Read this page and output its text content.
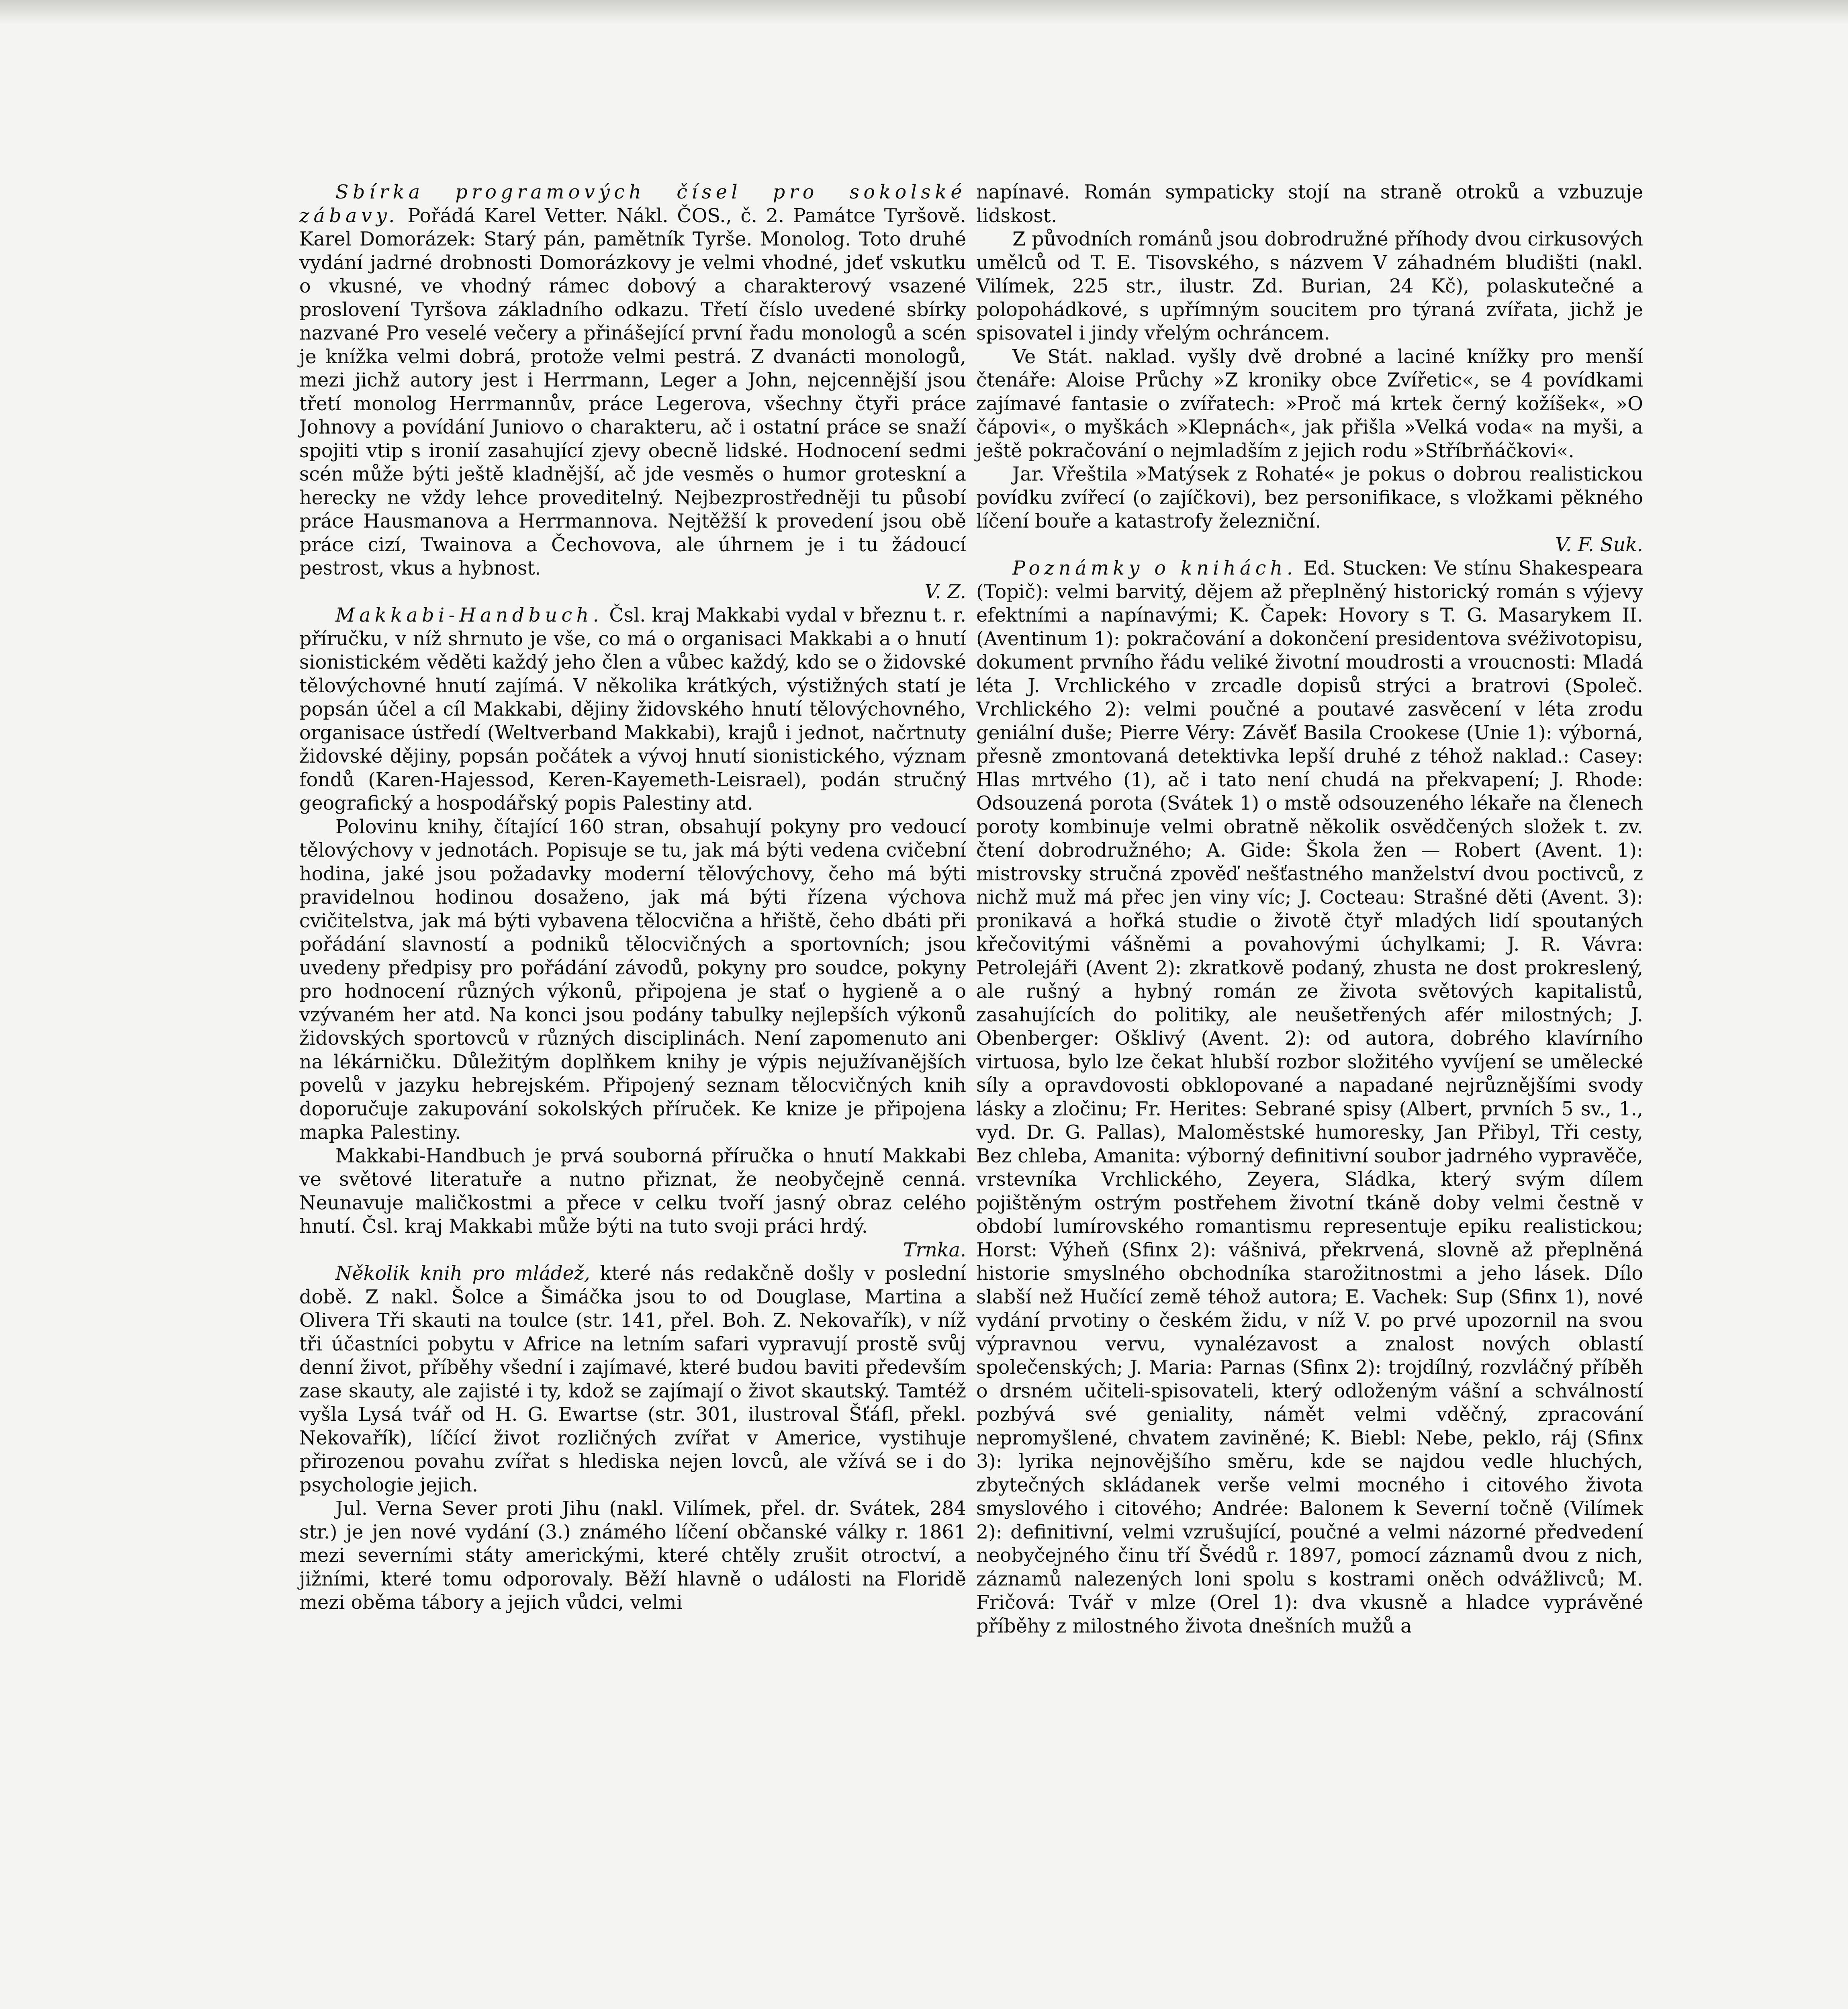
Sbírka programových čísel pro sokolské zábavy. Pořádá Karel Vetter. Nákl. ČOS., č. 2. Památce Tyršově. Karel Domorázek: Starý pán, pamětník Tyrše. Monolog. Toto druhé vydání jadrné drobnosti Domorázkovy je velmi vhodné, jdeť vskutku o vkusné, ve vhodný rámec dobový a charakterový vsazené proslovení Tyršova základního odkazu. Třetí číslo uvedené sbírky nazvané Pro veselé večery a přinášející první řadu monologů a scén je knížka velmi dobrá, protože velmi pestrá. Z dvanácti monologů, mezi jichž autory jest i Herrmann, Leger a John, nejcennější jsou třetí monolog Herrmannův, práce Legerova, všechny čtyři práce Johnovy a povídání Juniovo o charakteru, ač i ostatní práce se snaží spojiti vtip s ironií zasahující zjevy obecně lidské. Hodnocení sedmi scén může býti ještě kladnější, ač jde vesměs o humor groteskní a herecky ne vždy lehce proveditelný. Nejbezprostředněji tu působí práce Hausmanova a Herrmannova. Nejtěžší k provedení jsou obě práce cizí, Twainova a Čechovova, ale úhrnem je i tu žádoucí pestrost, vkus a hybnost.

V. Z.

Makkabi-Handbuch. Čsl. kraj Makkabi vydal v březnu t. r. příručku, v níž shrnuto je vše, co má o organisaci Makkabi a o hnutí sionistickém věděti každý jeho člen a vůbec každý, kdo se o židovské tělovýchovné hnutí zajímá. V několika krátkých, výstižných statí je popsán účel a cíl Makkabi, dějiny židovského hnutí tělovýchovného, organisace ústředí (Weltverband Makkabi), krajů i jednot, načrtnuty židovské dějiny, popsán počátek a vývoj hnutí sionistického, význam fondů (Karen-Hajessod, Keren-Kayemeth-Leisrael), podán stručný geografický a hospodářský popis Palestiny atd.

Polovinu knihy, čítající 160 stran, obsahují pokyny pro vedoucí tělovýchovy v jednotách. Popisuje se tu, jak má býti vedena cvičební hodina, jaké jsou požadavky moderní tělovýchovy, čeho má býti pravidelnou hodinou dosaženo, jak má býti řízena výchova cvičitelstva, jak má býti vybavena tělocvična a hřiště, čeho dbáti při pořádání slavností a podniků tělocvičných a sportovních; jsou uvedeny předpisy pro pořádání závodů, pokyny pro soudce, pokyny pro hodnocení různých výkonů, připojena je stať o hygieně a o vzývaném her atd. Na konci jsou podány tabulky nejlepších výkonů židovských sportovců v různých disciplinách. Není zapomenuto ani na lékárničku. Důležitým doplňkem knihy je výpis nejužívanějších povelů v jazyku hebrejském. Připojený seznam tělocvičných knih doporučuje zakupování sokolských příruček. Ke knize je připojena mapka Palestiny.

Makkabi-Handbuch je prvá souborná příručka o hnutí Makkabi ve světové literatuře a nutno přiznat, že neobyčejně cenná. Neunavuje maličkostmi a přece v celku tvoří jasný obraz celého hnutí. Čsl. kraj Makkabi může býti na tuto svoji práci hrdý.

Trnka.

Několik knih pro mládež, které nás redakčně došly v poslední době. Z nakl. Šolce a Šimáčka jsou to od Douglase, Martina a Olivera Tři skauti na toulce (str. 141, přel. Boh. Z. Nekovařík), v níž tři účastníci pobytu v Africe na letním safari vypravují prostě svůj denní život, příběhy všední i zajímavé, které budou baviti především zase skauty, ale zajisté i ty, kdož se zajímají o život skautský. Tamtéž vyšla Lysá tvář od H. G. Ewartse (str. 301, ilustroval Šťáfl, překl. Nekovařík), líčící život rozličných zvířat v Americe, vystihuje přirozenou povahu zvířat s hlediska nejen lovců, ale vžívá se i do psychologie jejich.

Jul. Verna Sever proti Jihu (nakl. Vilímek, přel. dr. Svátek, 284 str.) je jen nové vydání (3.) známého líčení občanské války r. 1861 mezi severními státy americkými, které chtěly zrušit otroctví, a jižními, které tomu odporovaly. Běží hlavně o události na Floridě mezi oběma tábory a jejich vůdci, velmi

napínavé. Román sympaticky stojí na straně otroků a vzbuzuje lidskost.

Z původních románů jsou dobrodružné příhody dvou cirkusových umělců od T. E. Tisovského, s názvem V záhadném bludišti (nakl. Vilímek, 225 str., ilustr. Zd. Burian, 24 Kč), polaskutečné a polopohádkové, s upřímným soucitem pro týraná zvířata, jichž je spisovatel i jindy vřelým ochráncem.

Ve Stát. naklad. vyšly dvě drobné a laciné knížky pro menší čtenáře: Aloise Průchy »Z kroniky obce Zvířetic«, se 4 povídkami zajímavé fantasie o zvířatech: »Proč má krtek černý kožíšek«, »O čápovi«, o myškách »Klepnách«, jak přišla »Velká voda« na myši, a ještě pokračování o nejmladším z jejich rodu »Stříbrňáčkovi«.

Jar. Vřeštila »Matýsek z Rohaté« je pokus o dobrou realistickou povídku zvířecí (o zajíčkovi), bez personifikace, s vložkami pěkného líčení bouře a katastrofy železniční.

V. F. Suk.

Poznámky o knihách. Ed. Stucken: Ve stínu Shakespeara (Topič): velmi barvitý, dějem až přeplněný historický román s výjevy efektními a napínavými; K. Čapek: Hovory s T. G. Masarykem II. (Aventinum 1): pokračování a dokončení presidentova svéživotopisu, dokument prvního řádu veliké životní moudrosti a vroucnosti: Mladá léta J. Vrchlického v zrcadle dopisů strýci a bratrovi (Společ. Vrchlického 2): velmi poučné a poutavé zasvěcení v léta zrodu geniální duše; Pierre Véry: Závěť Basila Crookese (Unie 1): výborná, přesně zmontovaná detektivka lepší druhé z téhož naklad.: Casey: Hlas mrtvého (1), ač i tato není chudá na překvapení; J. Rhode: Odsouzená porota (Svátek 1) o mstě odsouzeného lékaře na členech poroty kombinuje velmi obratně několik osvědčených složek t. zv. čtení dobrodružného; A. Gide: Škola žen — Robert (Avent. 1): mistrovsky stručná zpověď nešťastného manželství dvou poctivců, z nichž muž má přec jen viny víc; J. Cocteau: Strašné děti (Avent. 3): pronikavá a hořká studie o životě čtyř mladých lidí spoutaných křečovitými vášněmi a povahovými úchylkami; J. R. Vávra: Petrolejáři (Avent 2): zkratkově podaný, zhusta ne dost prokreslený, ale rušný a hybný román ze života světových kapitalistů, zasahujících do politiky, ale neušetřených afér milostných; J. Obenberger: Ošklivý (Avent. 2): od autora, dobrého klavírního virtuosa, bylo lze čekat hlubší rozbor složitého vyvíjení se umělecké síly a opravdovosti obklopované a napadané nejrůznějšími svody lásky a zločinu; Fr. Herites: Sebrané spisy (Albert, prvních 5 sv., 1., vyd. Dr. G. Pallas), Maloměstské humoresky, Jan Přibyl, Tři cesty, Bez chleba, Amanita: výborný definitivní soubor jadrného vypravěče, vrstevníka Vrchlického, Zeyera, Sládka, který svým dílem pojištěným ostrým postřehem životní tkáně doby velmi čestně v období lumírovského romantismu representuje epiku realistickou; Horst: Výheň (Sfinx 2): vášnivá, překrvená, slovně až přeplněná historie smyslného obchodníka starožitnostmi a jeho lásek. Dílo slabší než Hučící země téhož autora; E. Vachek: Sup (Sfinx 1), nové vydání prvotiny o českém židu, v níž V. po prvé upozornil na svou výpravnou vervu, vynalézavost a znalost nových oblastí společenských; J. Maria: Parnas (Sfinx 2): trojdílný, rozvláčný příběh o drsném učiteli-spisovateli, který odloženým vášní a schválností pozbývá své geniality, námět velmi vděčný, zpracování nepromyšlené, chvatem zaviněné; K. Biebl: Nebe, peklo, ráj (Sfinx 3): lyrika nejnovějšího směru, kde se najdou vedle hluchých, zbytečných skládanek verše velmi mocného i citového života smyslového i citového; Andrée: Balonem k Severní točně (Vilímek 2): definitivní, velmi vzrušující, poučné a velmi názorné předvedení neobyčejného činu tří Švédů r. 1897, pomocí záznamů dvou z nich, záznamů nalezených loni spolu s kostrami oněch odvážlivců; M. Fričová: Tvář v mlze (Orel 1): dva vkusně a hladce vyprávěné příběhy z milostného života dnešních mužů a
